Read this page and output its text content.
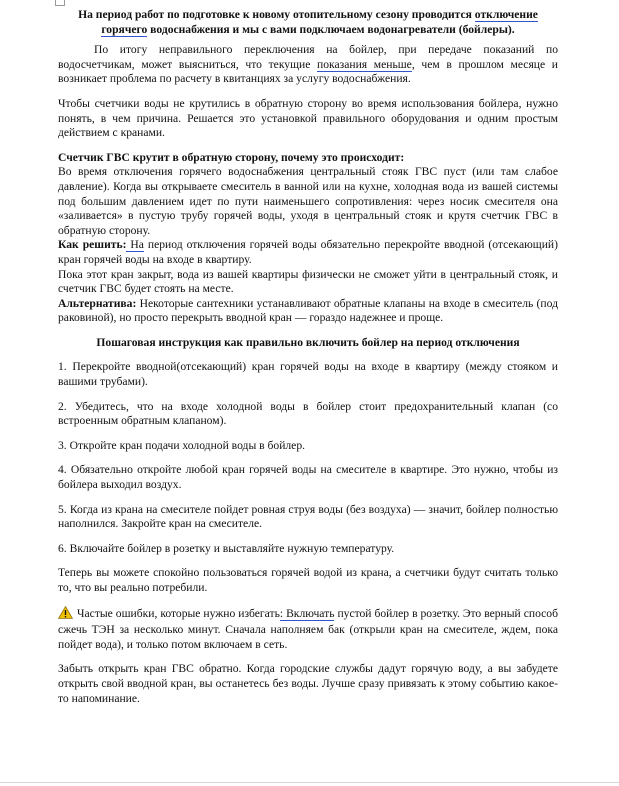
На период работ по подготовке к новому отопительному сезону проводится отключение горячего водоснабжения и мы с вами подключаем водонагреватели (бойлеры).

По итогу неправильного переключения на бойлер, при передаче показаний по водосчетчикам, может выясниться, что текущие показания меньше, чем в прошлом месяце и возникает проблема по расчету в квитанциях за услугу водоснабжения.

Чтобы счетчики воды не крутились в обратную сторону во время использования бойлера, нужно понять, в чем причина. Решается это установкой правильного оборудования и одним простым действием с кранами.

Счетчик ГВС крутит в обратную сторону, почему это происходит:

Во время отключения горячего водоснабжения центральный стояк ГВС пуст (или там слабое давление). Когда вы открываете смеситель в ванной или на кухне, холодная вода из вашей системы под большим давлением идет по пути наименьшего сопротивления: через носик смесителя она «заливается» в пустую трубу горячей воды, уходя в центральный стояк и крутя счетчик ГВС в обратную сторону.

Как решить: На период отключения горячей воды обязательно перекройте вводной (отсекающий) кран горячей воды на входе в квартиру.

Пока этот кран закрыт, вода из вашей квартиры физически не сможет уйти в центральный стояк, и счетчик ГВС будет стоять на месте.

Альтернатива: Некоторые сантехники устанавливают обратные клапаны на входе в смеситель (под раковиной), но просто перекрыть вводной кран — гораздо надежнее и проще.

Пошаговая инструкция как правильно включить бойлер на период отключения

1. Перекройте вводной(отсекающий) кран горячей воды на входе в квартиру (между стояком и вашими трубами).

2. Убедитесь, что на входе холодной воды в бойлер стоит предохранительный клапан (со встроенным обратным клапаном).

3. Откройте кран подачи холодной воды в бойлер.

4. Обязательно откройте любой кран горячей воды на смесителе в квартире. Это нужно, чтобы из бойлера выходил воздух.

5. Когда из крана на смесителе пойдет ровная струя воды (без воздуха) — значит, бойлер полностью наполнился. Закройте кран на смесителе.

6. Включайте бойлер в розетку и выставляйте нужную температуру.

Теперь вы можете спокойно пользоваться горячей водой из крана, а счетчики будут считать только то, что вы реально потребили.

Частые ошибки, которые нужно избегать: Включать пустой бойлер в розетку. Это верный способ сжечь ТЭН за несколько минут. Сначала наполняем бак (открыли кран на смесителе, ждем, пока пойдет вода), и только потом включаем в сеть.

Забыть открыть кран ГВС обратно. Когда городские службы дадут горячую воду, а вы забудете открыть свой вводной кран, вы останетесь без воды. Лучше сразу привязать к этому событию какое-то напоминание.
